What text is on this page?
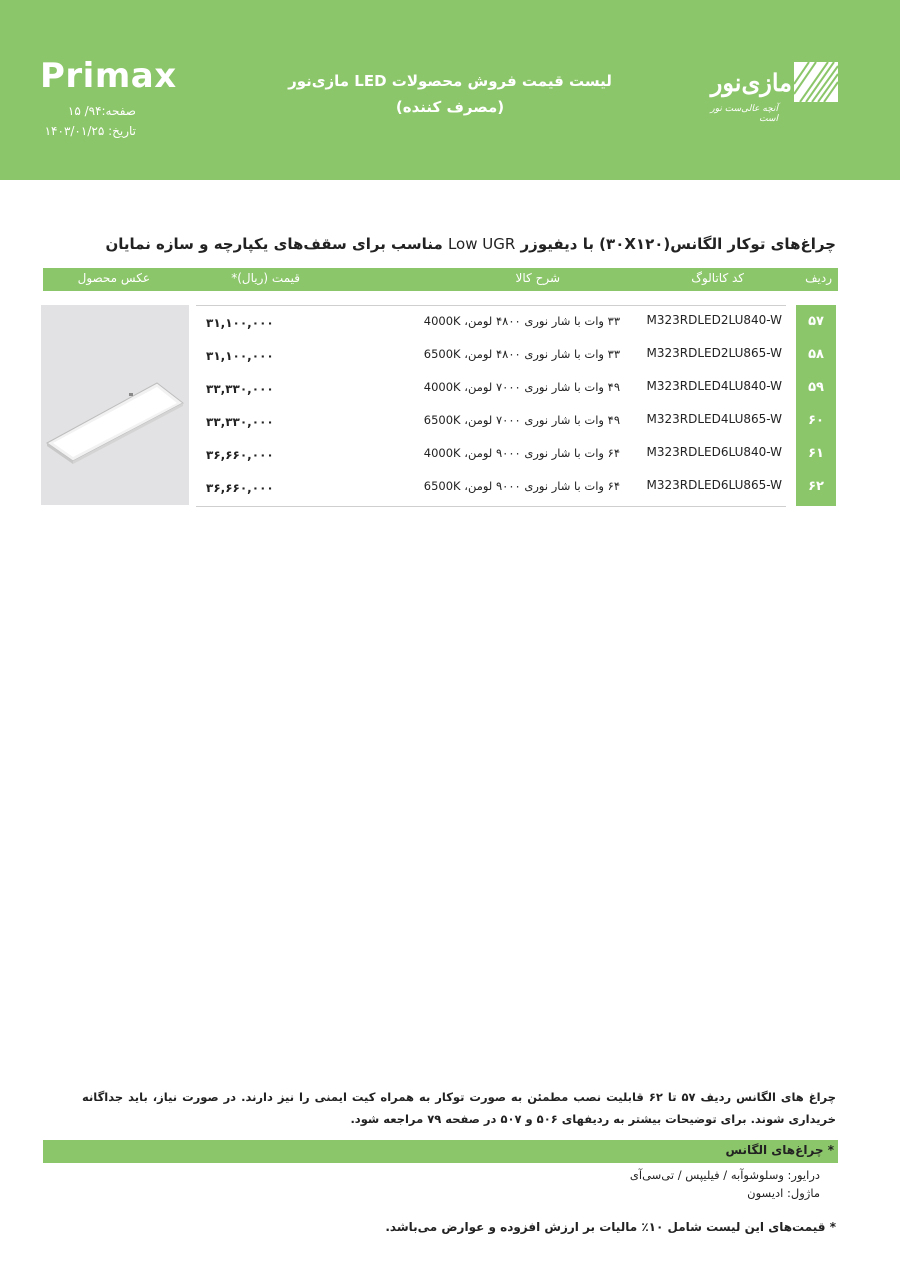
Primax
صفحه:۹۴/ ۱۵
تاریخ: ۱۴۰۳/۰۱/۲۵
لیست قیمت فروش محصولات LED مازی‌نور
(مصرف کننده)
مازی‌نور
آنچه عالی‌ست نور است
چراغ‌های توکار الگانس(۳۰X۱۲۰) با دیفیوزر Low UGR مناسب برای سقف‌های یکپارچه و سازه نمایان
ردیف
کد کاتالوگ
شرح کالا
قیمت (ریال)*
عکس محصول
۳۱,۱۰۰,۰۰۰	۳۳ وات با شار نوری ۴۸۰۰ لومن، 4000K	M323RDLED2LU840-W	۵۷
۳۱,۱۰۰,۰۰۰	۳۳ وات با شار نوری ۴۸۰۰ لومن، 6500K	M323RDLED2LU865-W	۵۸
۳۳,۳۳۰,۰۰۰	۴۹ وات با شار نوری ۷۰۰۰ لومن، 4000K	M323RDLED4LU840-W	۵۹
۳۳,۳۳۰,۰۰۰	۴۹ وات با شار نوری ۷۰۰۰ لومن، 6500K	M323RDLED4LU865-W	۶۰
۳۶,۶۶۰,۰۰۰	۶۴ وات با شار نوری ۹۰۰۰ لومن، 4000K	M323RDLED6LU840-W	۶۱
۳۶,۶۶۰,۰۰۰	۶۴ وات با شار نوری ۹۰۰۰ لومن، 6500K	M323RDLED6LU865-W	۶۲
چراغ های الگانس ردیف ۵۷ تا ۶۲ قابلیت نصب مطمئن به صورت توکار به همراه کیت ایمنی را نیز دارند. در صورت نیاز، باید جداگانه خریداری شوند. برای توضیحات بیشتر به ردیفهای ۵۰۶ و ۵۰۷ در صفحه ۷۹ مراجعه شود.
* چراغ‌های الگانس
درایور: وسلوشوآبه / فیلیپس / تی‌سی‌آی
ماژول: ادیسون
* قیمت‌های این لیست شامل ۱۰٪ مالیات بر ارزش افزوده و عوارض می‌باشد.
